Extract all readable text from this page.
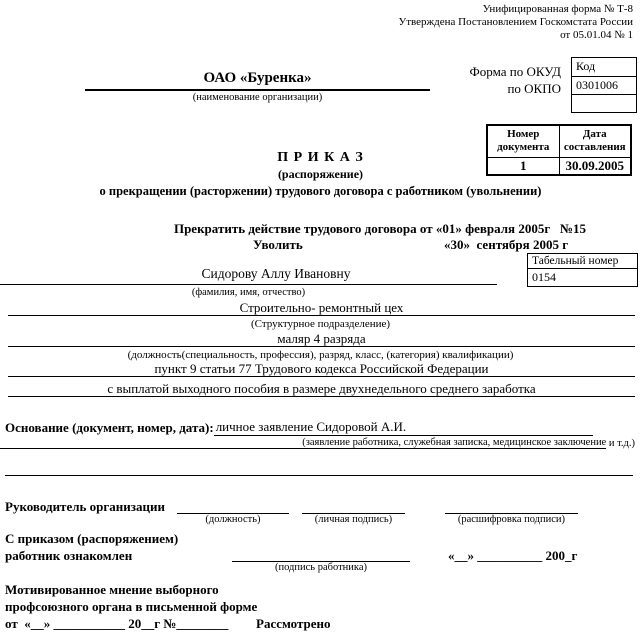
Унифицированная форма № Т-8
Утверждена Постановлением Госкомстата России
от 05.01.04 № 1
ОАО «Буренка»
(наименование организации)
Форма по ОКУД
по ОКПО
Код
0301006
Номер документа	Дата составления
1	30.09.2005
П Р И К А З
(распоряжение)
о прекращении (расторжении) трудового договора с работником (увольнении)
Прекратить действие трудового договора от «01» февраля 2005г   №15
Уволить	«30»  сентября 2005 г
Табельный номер
0154
Сидорову Аллу Ивановну
(фамилия, имя, отчество)
Строительно- ремонтный цех
(Структурное подразделение)
маляр 4 разряда
(должность(специальность, профессия), разряд, класс, (категория) квалификации)
пункт 9 статьи 77 Трудового кодекса Российской Федерации
с выплатой выходного пособия в размере двухнедельного среднего заработка
Основание (документ, номер, дата): личное заявление Сидоровой А.И.
(заявление работника, служебная записка, медицинское заключение и т.д.)
Руководитель организации
(должность)	(личная подпись)	(расшифровка подписи)
С приказом (распоряжением)
работник ознакомлен
(подпись работника)
«__» __________ 200_г
Мотивированное мнение выборного
профсоюзного органа в письменной форме
от  «__» ___________ 20__г №________ Рассмотрено
